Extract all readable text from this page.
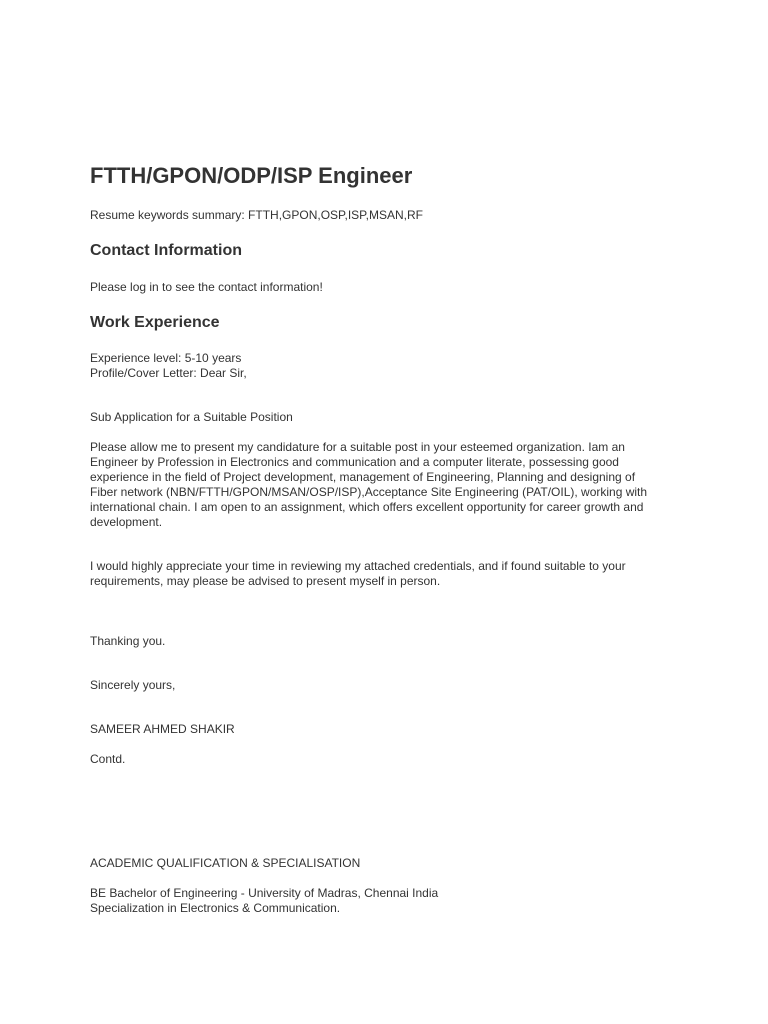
FTTH/GPON/ODP/ISP Engineer

Resume keywords summary: FTTH,GPON,OSP,ISP,MSAN,RF

Contact Information

Please log in to see the contact information!

Work Experience

Experience level: 5-10 years

Profile/Cover Letter: Dear Sir,

Sub Application for a Suitable Position

Please allow me to present my candidature for a suitable post in your esteemed organization. Iam an
Engineer by Profession in Electronics and communication and a computer literate, possessing good
experience in the field of Project development, management of Engineering, Planning and designing of
Fiber network (NBN/FTTH/GPON/MSAN/OSP/ISP),Acceptance Site Engineering (PAT/OIL), working with
international chain. I am open to an assignment, which offers excellent opportunity for career growth and
development.
I would highly appreciate your time in reviewing my attached credentials, and if found suitable to your
requirements, may please be advised to present myself in person.

Thanking you.

Sincerely yours,

SAMEER AHMED SHAKIR

Contd.

ACADEMIC QUALIFICATION & SPECIALISATION

BE Bachelor of Engineering - University of Madras, Chennai India

Specialization in Electronics & Communication.
